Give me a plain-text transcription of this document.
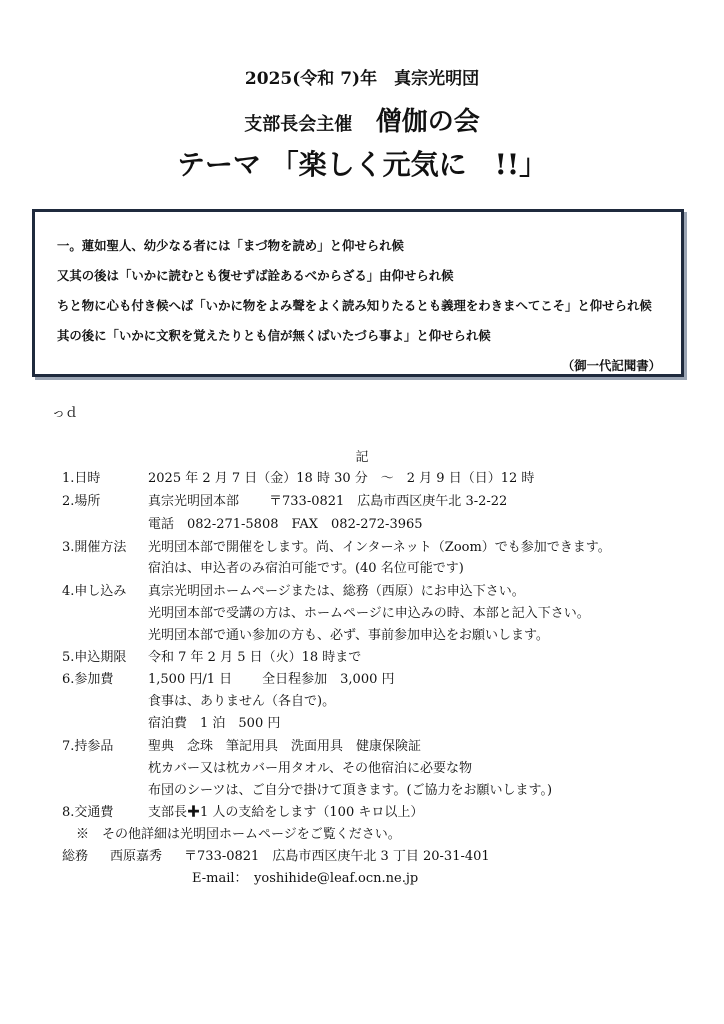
2025(令和 7)年　真宗光明団
支部長会主催 僧伽の会
テーマ 「楽しく元気に　!!」
一。蓮如聖人、幼少なる者には「まづ物を読め」と仰せられ候
又其の後は「いかに読むとも復せずば詮あるべからざる」由仰せられ候
ちと物に心も付き候へば「いかに物をよみ聲をよく読み知りたるとも義理をわきまへてこそ」と仰せられ候
其の後に「いかに文釈を覚えたりとも信が無くばいたづら事よ」と仰せられ候
（御一代記聞書）
っｄ
記
1.日時	2025 年 2 月 7 日（金）18 時 30 分　～　2 月 9 日（日）12 時
2.場所	真宗光明団本部 〒733-0821　広島市西区庚午北 3-2-22
電話　082-271-5808　FAX　082-272-3965
3.開催方法 光明団本部で開催をします。尚、インターネット（Zoom）でも参加できます。
宿泊は、申込者のみ宿泊可能です。(40 名位可能です)
4.申し込み 真宗光明団ホームページまたは、総務（西原）にお申込下さい。
光明団本部で受講の方は、ホームページに申込みの時、本部と記入下さい。
光明団本部で通い参加の方も、必ず、事前参加申込をお願いします。
5.申込期限 令和 7 年 2 月 5 日（火）18 時まで
6.参加費	1,500 円/1 日 全日程参加　3,000 円
食事は、ありません（各自で)。
宿泊費　1 泊　500 円
7.持参品	聖典　念珠　筆記用具　洗面用具　健康保険証
枕カバー又は枕カバー用タオル、その他宿泊に必要な物
布団のシーツは、ご自分で掛けて頂きます。(ご協力をお願いします。)
8.交通費	支部長✚1 人の支給をします（100 キロ以上）
※　その他詳細は光明団ホームページをご覧ください。
総務 西原嘉秀 〒733-0821　広島市西区庚午北 3 丁目 20-31-401
E-mail：　yoshihide@leaf.ocn.ne.jp
